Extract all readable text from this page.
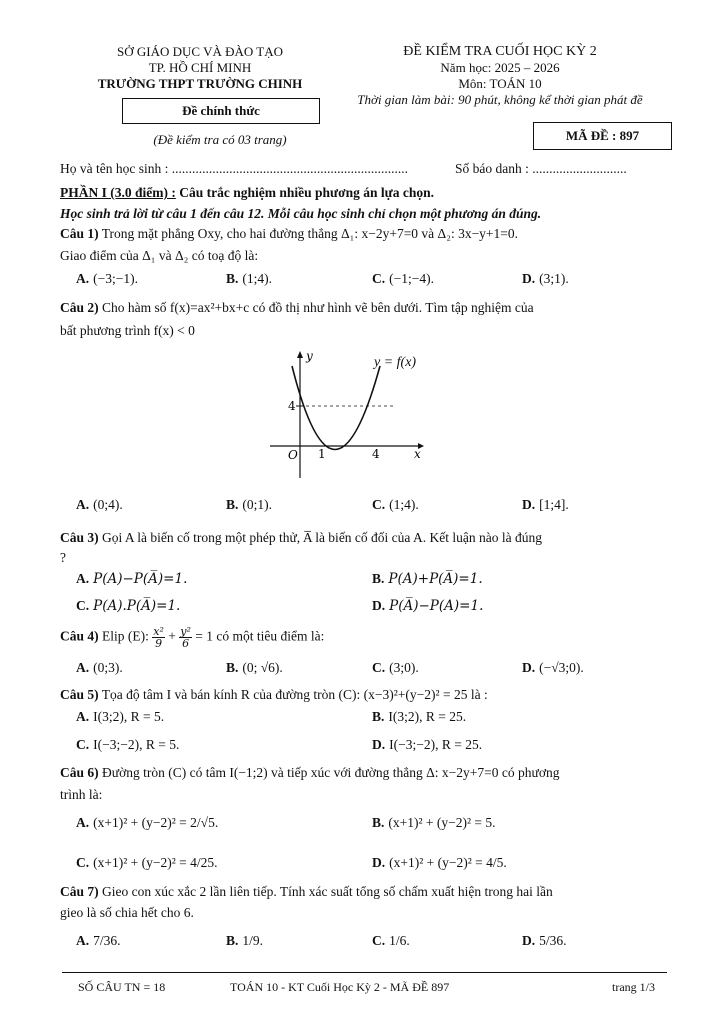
SỞ GIÁO DỤC VÀ ĐÀO TẠO
TP. HỒ CHÍ MINH
TRƯỜNG THPT TRƯỜNG CHINH
Đề chính thức
(Đề kiểm tra có 03 trang)
ĐỀ KIỂM TRA CUỐI HỌC KỲ 2
Năm học: 2025 – 2026
Môn: TOÁN 10
Thời gian làm bài: 90 phút, không kể thời gian phát đề
MÃ ĐỀ : 897
Họ và tên học sinh : ......................................................................	Số báo danh : ............................
PHẦN I (3.0 điểm) : Câu trắc nghiệm nhiều phương án lựa chọn.
Học sinh trả lời từ câu 1 đến câu 12. Mỗi câu học sinh chỉ chọn một phương án đúng.
Câu 1) Trong mặt phẳng Oxy, cho hai đường thẳng Δ₁: x−2y+7=0 và Δ₂: 3x−y+1=0.
Giao điểm của Δ₁ và Δ₂ có toạ độ là:
A. (−3;−1).	B. (1;4).	C. (−1;−4).	D. (3;1).
Câu 2) Cho hàm số f(x)=ax²+bx+c có đồ thị như hình vẽ bên dưới. Tìm tập nghiệm của
bất phương trình f(x) < 0
y
x
4
O 1	4
y = f(x)
A. (0;4).	B. (0;1).	C. (1;4).	D. [1;4].
Câu 3) Gọi A là biến cố trong một phép thử, A̅ là biến cố đối của A. Kết luận nào là đúng
?
A. P(A)−P(A̅)=1.	B. P(A)+P(A̅)=1.
C. P(A).P(A̅)=1.	D. P(A̅)−P(A)=1.
Câu 4) Elip (E): $\frac{\text{x²}}{9} + \frac{\text{y²}}{6} = 1$ có một tiêu điểm là:
A. (0;3).	B. (0; √6).	C. (3;0).	D. (−√3;0).
Câu 5) Tọa độ tâm I và bán kính R của đường tròn (C): (x−3)²+(y−2)² = 25 là :
A. I(3;2), R = 5.	B. I(3;2), R = 25.
C. I(−3;−2), R = 5.	D. I(−3;−2), R = 25.
Câu 6) Đường tròn (C) có tâm I(−1;2) và tiếp xúc với đường thẳng Δ: x−2y+7=0 có phương
trình là:
A. (x+1)² + (y−2)² = 2/√5.	B. (x+1)² + (y−2)² = 5.
C. (x+1)² + (y−2)² = 4/25.	D. (x+1)² + (y−2)² = 4/5.
Câu 7) Gieo con xúc xắc 2 lần liên tiếp. Tính xác suất tổng số chấm xuất hiện trong hai lần
gieo là số chia hết cho 6.
A. 7/36.	B. 1/9.	C. 1/6.	D. 5/36.
SỐ CÂU TN = 18	TOÁN 10 - KT Cuối Học Kỳ 2 - MÃ ĐỀ 897	trang 1/3
